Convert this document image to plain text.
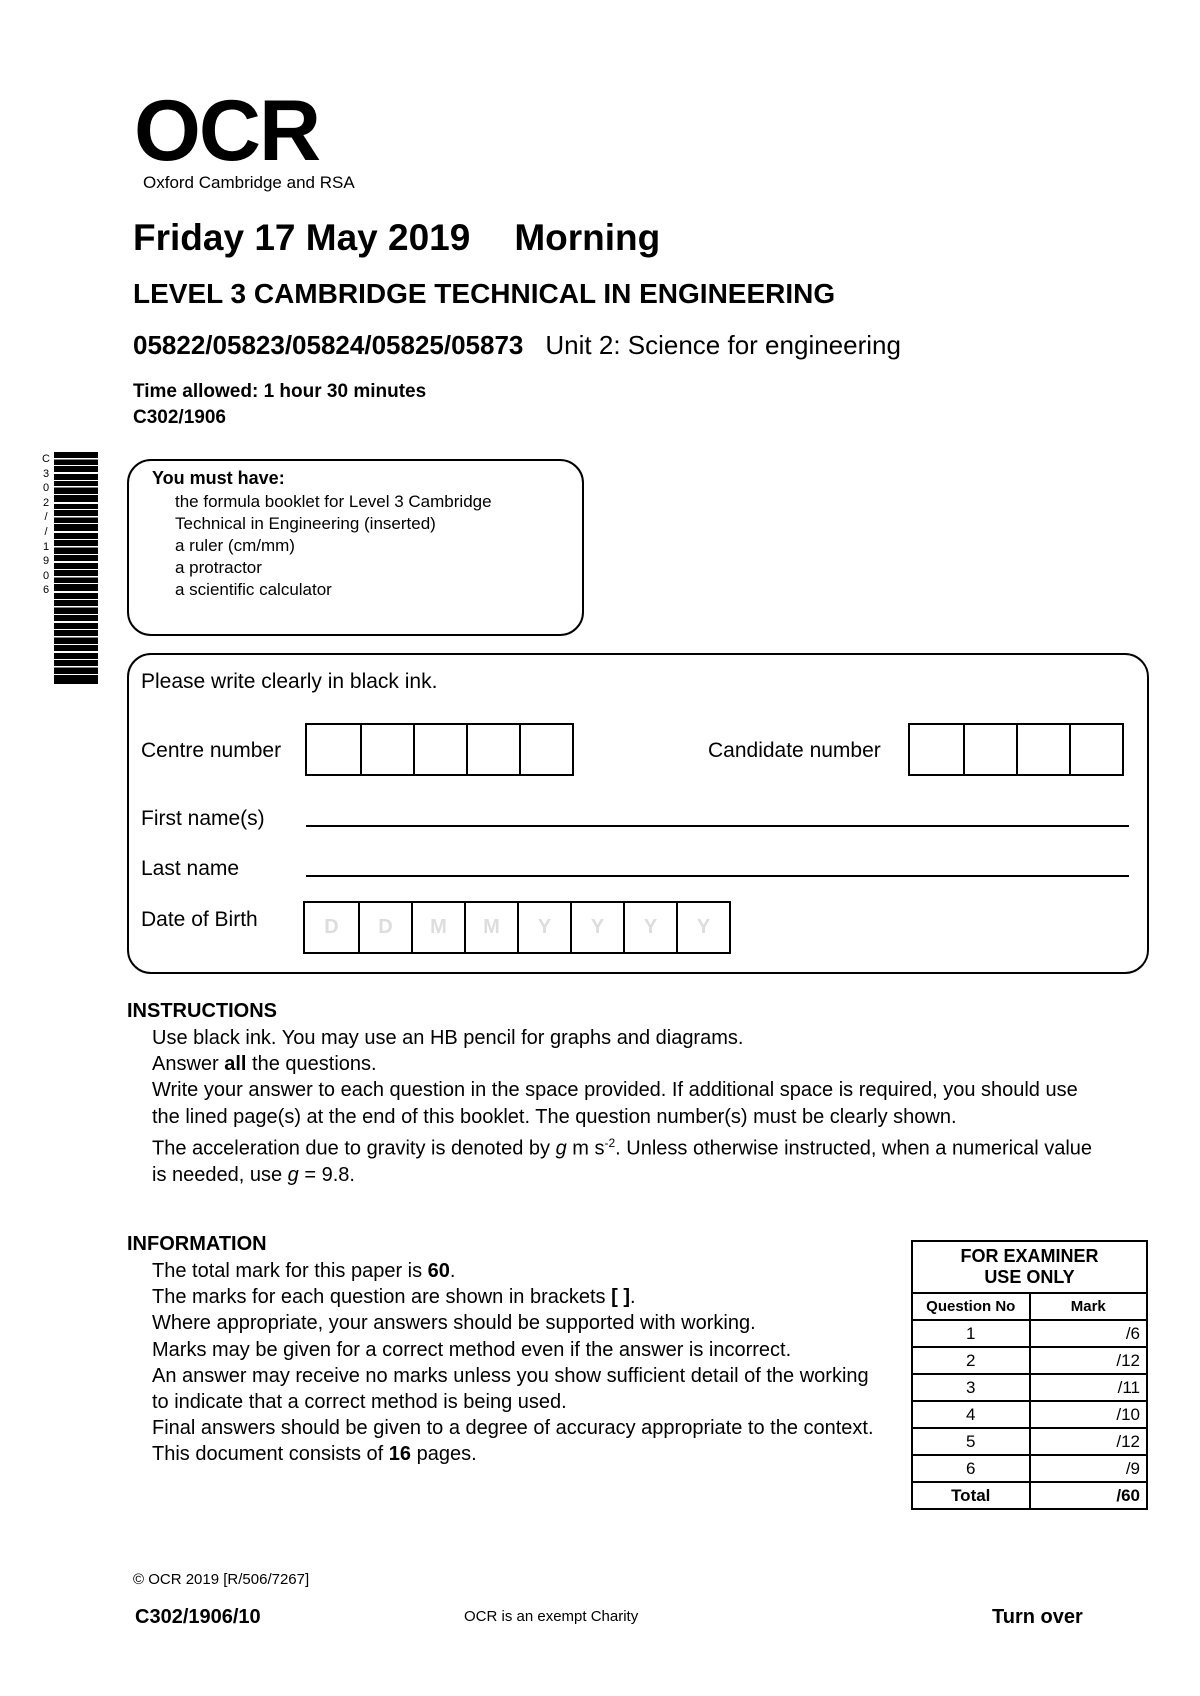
OCR
Oxford Cambridge and RSA
Friday 17 May 2019 Morning
LEVEL 3 CAMBRIDGE TECHNICAL IN ENGINEERING
05822/05823/05824/05825/05873 Unit 2: Science for engineering
Time allowed: 1 hour 30 minutes
C302/1906
C
3
0
2
/
/
1
9
0
6
You must have:
the formula booklet for Level 3 Cambridge
Technical in Engineering (inserted)
a ruler (cm/mm)
a protractor
a scientific calculator
Please write clearly in black ink.
Centre number	Candidate number
First name(s)
Last name
Date of Birth	D	D	M	M	Y	Y	Y	Y
INSTRUCTIONS

Use black ink. You may use an HB pencil for graphs and diagrams.

Answer all the questions.

Write your answer to each question in the space provided. If additional space is required, you should use the lined page(s) at the end of this booklet. The question number(s) must be clearly shown.

The acceleration due to gravity is denoted by g m $s^{-2}$. Unless otherwise instructed, when a numerical value is needed, use g = 9.8.

INFORMATION

The total mark for this paper is 60.

The marks for each question are shown in brackets [ ].

Where appropriate, your answers should be supported with working.

Marks may be given for a correct method even if the answer is incorrect.

An answer may receive no marks unless you show sufficient detail of the working to indicate that a correct method is being used.

Final answers should be given to a degree of accuracy appropriate to the context.

This document consists of 16 pages.

FOR EXAMINER
USE ONLY	

Question No	Mark
1	/6
2	/12
3	/11
4	/10
5	/12
6	/9
Total	/60
© OCR 2019 [R/506/7267]
C302/1906/10	OCR is an exempt Charity	Turn over
